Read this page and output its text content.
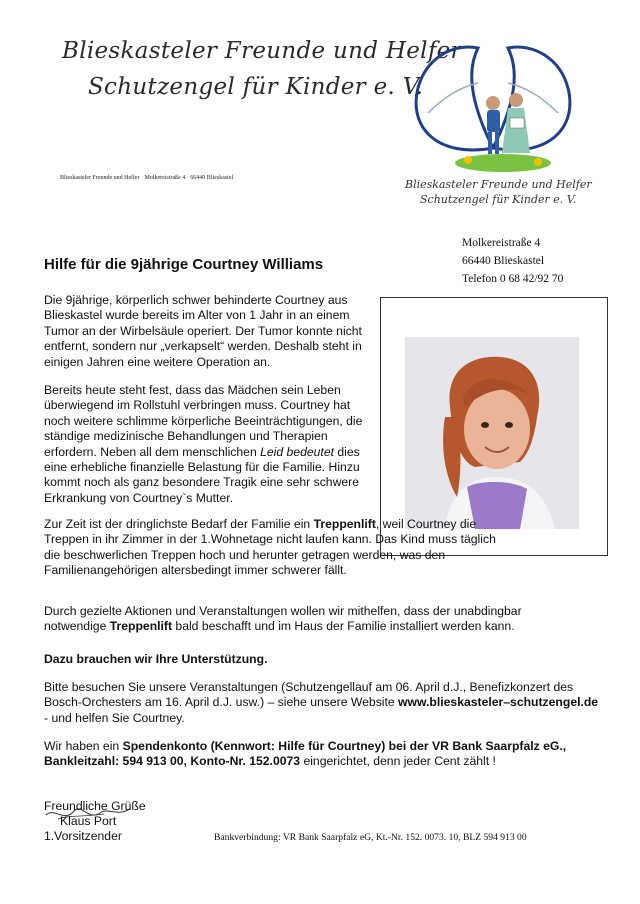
Blieskasteler Freunde und Helfer
Schutzengel für Kinder e. V.
Blieskasteler Freunde und Helfer · Molkereistraße 4 · 66440 Blieskastel	Blieskasteler Freunde und Helfer
Schutzengel für Kinder e. V.
Molkereistraße 4
66440 Blieskastel
Telefon 0 68 42/92 70
Hilfe für die 9jährige Courtney Williams
Die 9jährige, körperlich schwer behinderte Courtney aus Blieskastel wurde bereits im Alter von 1 Jahr in an einem Tumor an der Wirbelsäule operiert. Der Tumor konnte nicht entfernt, sondern nur „verkapselt“ werden. Deshalb steht in einigen Jahren eine weitere Operation an.
Bereits heute steht fest, dass das Mädchen sein Leben überwiegend im Rollstuhl verbringen muss. Courtney hat noch weitere schlimme körperliche Beeinträchtigungen, die ständige medizinische Behandlungen und Therapien erfordern. Neben all dem menschlichen Leid bedeutet dies eine erhebliche finanzielle Belastung für die Familie. Hinzu kommt noch als ganz besondere Tragik eine sehr schwere Erkrankung von Courtney`s Mutter.
Zur Zeit ist der dringlichste Bedarf der Familie ein Treppenlift, weil Courtney die Treppen in ihr Zimmer in der 1.Wohnetage nicht laufen kann. Das Kind muss täglich die beschwerlichen Treppen hoch und herunter getragen werden, was den Familienangehörigen altersbedingt immer schwerer fällt.
Durch gezielte Aktionen und Veranstaltungen wollen wir mithelfen, dass der unabdingbar notwendige Treppenlift bald beschafft und im Haus der Familie installiert werden kann.
Dazu brauchen wir Ihre Unterstützung.
Bitte besuchen Sie unsere Veranstaltungen (Schutzengellauf am 06. April d.J., Benefizkonzert des Bosch-Orchesters am 16. April d.J. usw.) – siehe unsere Website www.blieskasteler–schutzengel.de - und helfen Sie Courtney.
Wir haben ein Spendenkonto (Kennwort: Hilfe für Courtney) bei der VR Bank Saarpfalz eG., Bankleitzahl: 594 913 00, Konto-Nr. 152.0073 eingerichtet, denn jeder Cent zählt !
Freundliche Grüße
Klaus Port
1.Vorsitzender	Bankverbindung: VR Bank Saarpfalz eG, Kt.-Nr. 152. 0073. 10, BLZ 594 913 00
